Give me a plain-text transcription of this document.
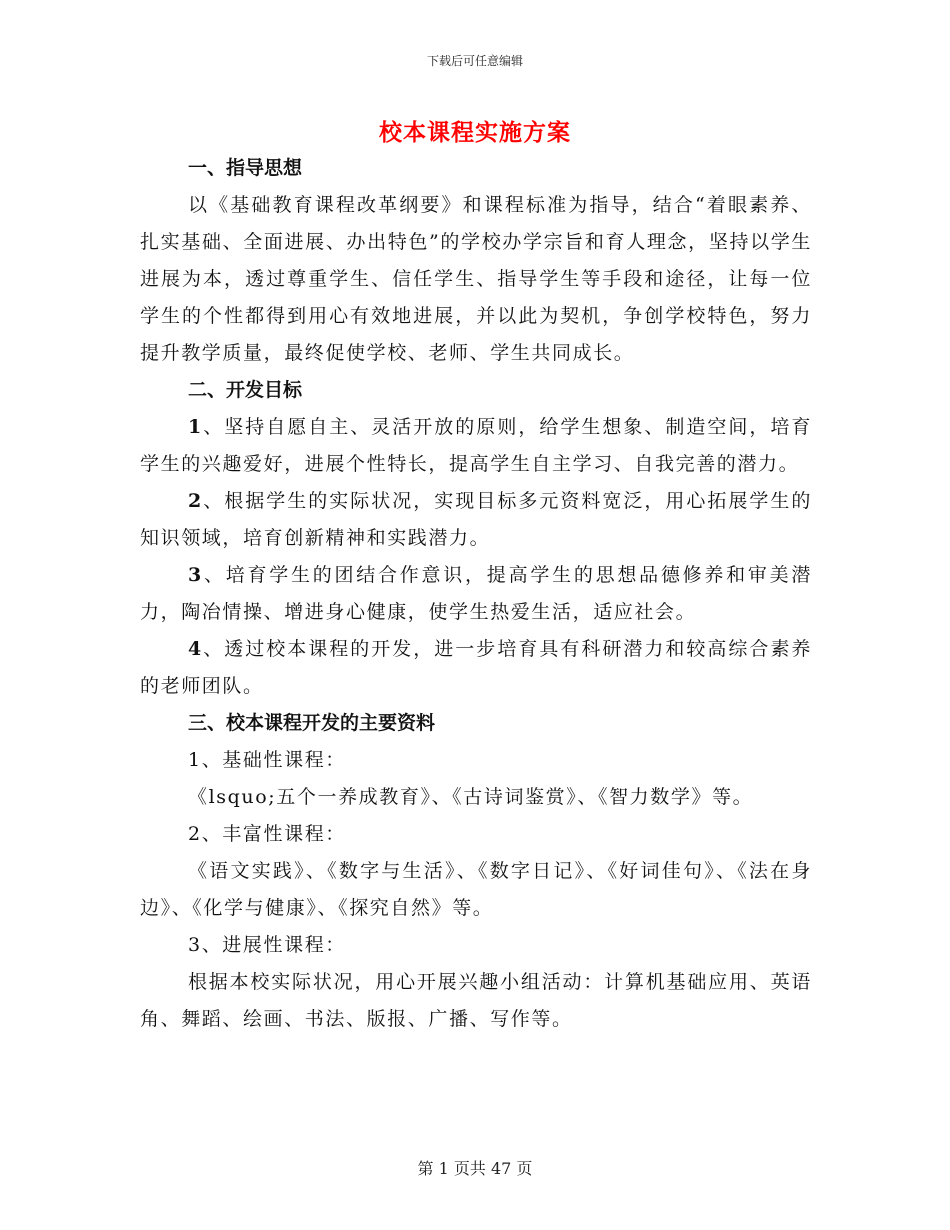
下载后可任意编辑
校本课程实施方案

一、指导思想

以《基础教育课程改革纲要》和课程标准为指导，结合“着眼素养、扎实基础、全面进展、办出特色”的学校办学宗旨和育人理念，坚持以学生进展为本，透过尊重学生、信任学生、指导学生等手段和途径，让每一位学生的个性都得到用心有效地进展，并以此为契机，争创学校特色，努力提升教学质量，最终促使学校、老师、学生共同成长。

二、开发目标

1、坚持自愿自主、灵活开放的原则，给学生想象、制造空间，培育学生的兴趣爱好，进展个性特长，提高学生自主学习、自我完善的潜力。

2、根据学生的实际状况，实现目标多元资料宽泛，用心拓展学生的知识领域，培育创新精神和实践潜力。

3、培育学生的团结合作意识，提高学生的思想品德修养和审美潜力，陶冶情操、增进身心健康，使学生热爱生活，适应社会。

4、透过校本课程的开发，进一步培育具有科研潜力和较高综合素养的老师团队。

三、校本课程开发的主要资料

1、基础性课程：

《lsquo;五个一养成教育》、《古诗词鉴赏》、《智力数学》等。

2、丰富性课程：

《语文实践》、《数字与生活》、《数字日记》、《好词佳句》、《法在身边》、《化学与健康》、《探究自然》等。

3、进展性课程：

根据本校实际状况，用心开展兴趣小组活动：计算机基础应用、英语角、舞蹈、绘画、书法、版报、广播、写作等。

第 1 页共 47 页
